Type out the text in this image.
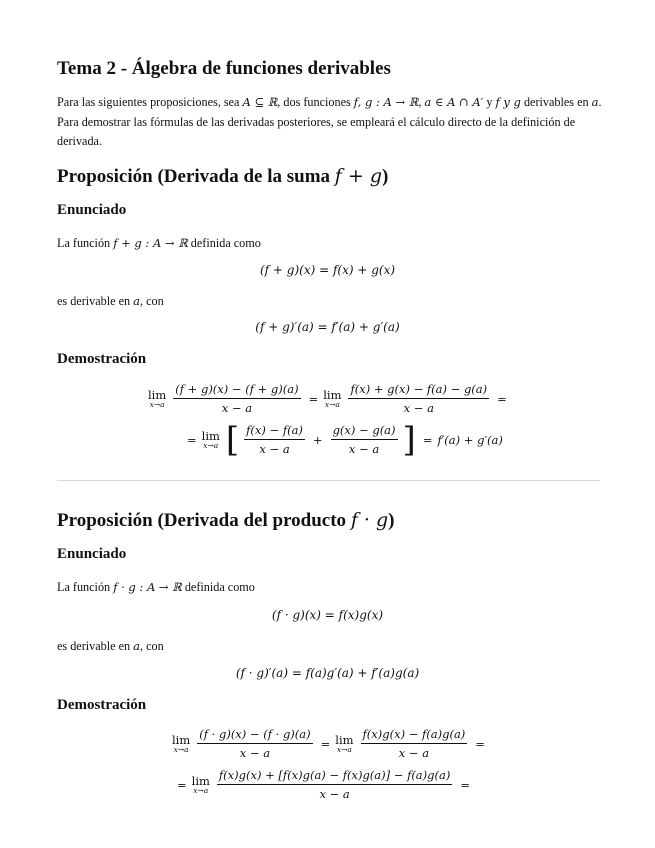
Tema 2 - Álgebra de funciones derivables
Para las siguientes proposiciones, sea A ⊆ ℝ, dos funciones f, g : A → ℝ, a ∈ A ∩ A′ y f y g derivables en a. Para demostrar las fórmulas de las derivadas posteriores, se empleará el cálculo directo de la definición de derivada.
Proposición (Derivada de la suma f + g)
Enunciado
La función f + g : A → ℝ definida como
(f + g)(x) = f(x) + g(x)
es derivable en a, con
(f + g)′(a) = f′(a) + g′(a)
Demostración
lim
$x\to a \frac{(f + g)(x) - (f + g)(a)}{x - a} = \lim$
$x\to a \frac{f(x) + g(x) - f(a) - g(a)}{x - a}$ =
= lim
x→a [ $\frac{f(x) - f(a)}{x - a} + \frac{g(x) - g(a)}{x - a}$ ] = f′(a) + g′(a)
Proposición (Derivada del producto f · g)
Enunciado
La función f · g : A → ℝ definida como
(f · g)(x) = f(x)g(x)
es derivable en a, con
(f · g)′(a) = f(a)g′(a) + f′(a)g(a)
Demostración
lim
$x\to a \frac{(f \cdot g)(x) - (f \cdot g)(a)}{x - a} = \lim$
$x\to a \frac{f(x)g(x) - f(a)g(a)}{x - a}$ =
= lim
$x\to a \frac{f(x)g(x) + [f(x)g(a) - f(x)g(a)] - f(a)g(a)}{x - a}$ =
